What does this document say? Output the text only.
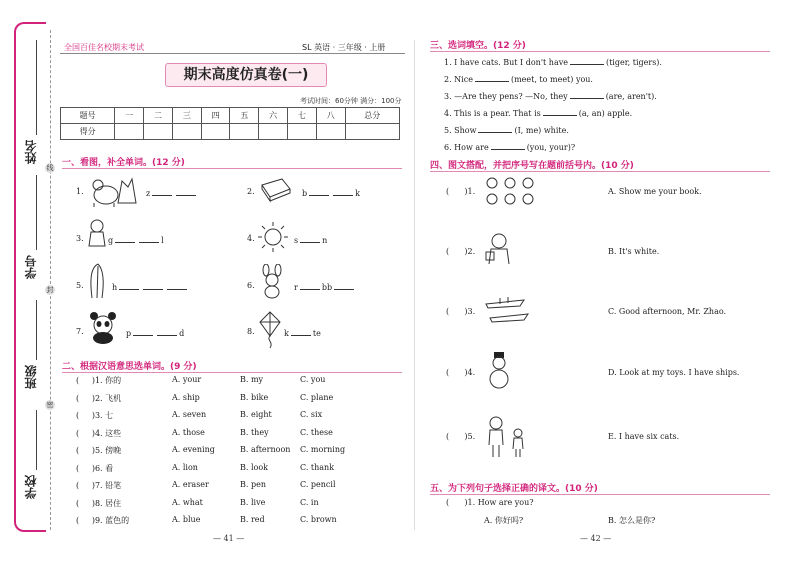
姓名
学号
班级
学校
线
封
密
全国百佳名校期末考试	SL 英语 · 三年级 · 上册
期末高度仿真卷(一)
考试时间：60分钟 满分：100分
题号	一	二	三	四	五	六	七	八	总分
得分									
一、看图，补全单词。(12 分)
1.	z	2.	b	k
3.	g	l	4.	s	n
5.	h	6.	r	bb
7.	p	d	8.	k	te
二、根据汉语意思选单词。(9 分)
(     )1. 你的	A. your	B. my	C. you
(     )2. 飞机	A. ship	B. bike	C. plane
(     )3. 七	A. seven	B. eight	C. six
(     )4. 这些	A. those	B. they	C. these
(     )5. 傍晚	A. evening	B. afternoon C. morning
(     )6. 看	A. lion	B. look	C. thank
(     )7. 铅笔	A. eraser	B. pen	C. pencil
(     )8. 居住	A. what	B. live	C. in
(     )9. 蓝色的	A. blue	B. red	C. brown
— 41 —
三、选词填空。(12 分)
1. I have cats. But I don't have	(tiger, tigers).
2. Nice	(meet, to meet) you.
3. —Are they pens? —No, they	(are, aren't).
4. This is a pear. That is	(a, an) apple.
5. Show	(I, me) white.
6. How are	(you, your)?
四、图文搭配，并把序号写在题前括号内。(10 分)
(      )1.	A. Show me your book.
(      )2.	B. It's white.
(      )3.	C. Good afternoon, Mr. Zhao.
(      )4.	D. Look at my toys. I have ships.
(      )5.	E. I have six cats.
五、为下列句子选择正确的译文。(10 分)
(      )1. How are you?
A. 你好吗?	B. 怎么是你?
— 42 —
